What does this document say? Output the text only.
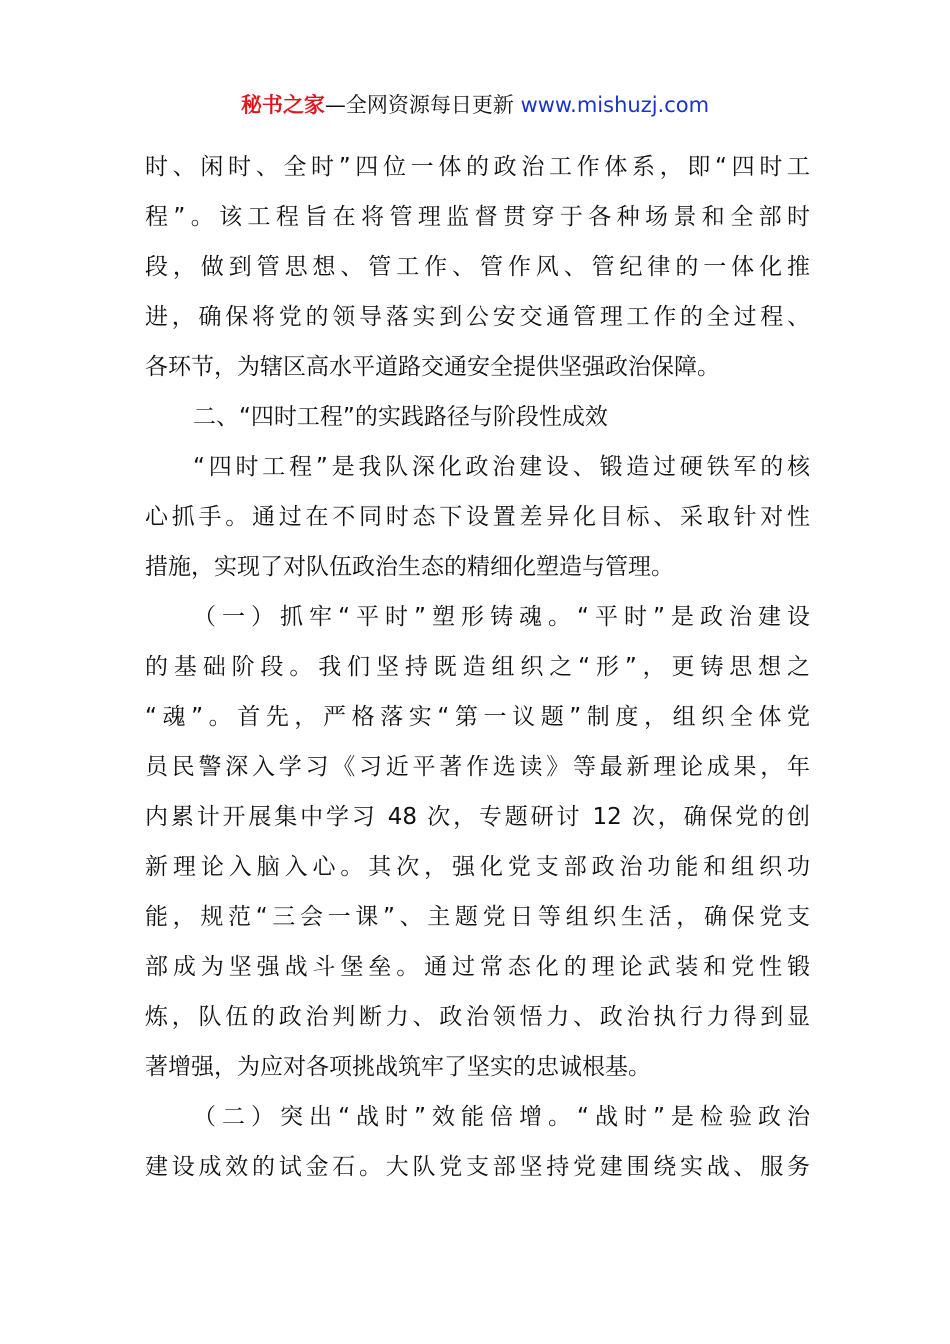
秘书之家—全网资源每日更新 www.mishuzj.com
时、闲时、全时”四位一体的政治工作体系，即“四时工
程”。该工程旨在将管理监督贯穿于各种场景和全部时
段，做到管思想、管工作、管作风、管纪律的一体化推
进，确保将党的领导落实到公安交通管理工作的全过程、
各环节，为辖区高水平道路交通安全提供坚强政治保障。
二、“四时工程”的实践路径与阶段性成效
“四时工程”是我队深化政治建设、锻造过硬铁军的核
心抓手。通过在不同时态下设置差异化目标、采取针对性
措施，实现了对队伍政治生态的精细化塑造与管理。
（一）抓牢“平时”塑形铸魂。“平时”是政治建设
的基础阶段。我们坚持既造组织之“形”，更铸思想之
“魂”。首先，严格落实“第一议题”制度，组织全体党
员民警深入学习《习近平著作选读》等最新理论成果，年
内累计开展集中学习 48 次，专题研讨 12 次，确保党的创
新理论入脑入心。其次，强化党支部政治功能和组织功
能，规范“三会一课”、主题党日等组织生活，确保党支
部成为坚强战斗堡垒。通过常态化的理论武装和党性锻
炼，队伍的政治判断力、政治领悟力、政治执行力得到显
著增强，为应对各项挑战筑牢了坚实的忠诚根基。
（二）突出“战时”效能倍增。“战时”是检验政治
建设成效的试金石。大队党支部坚持党建围绕实战、服务
